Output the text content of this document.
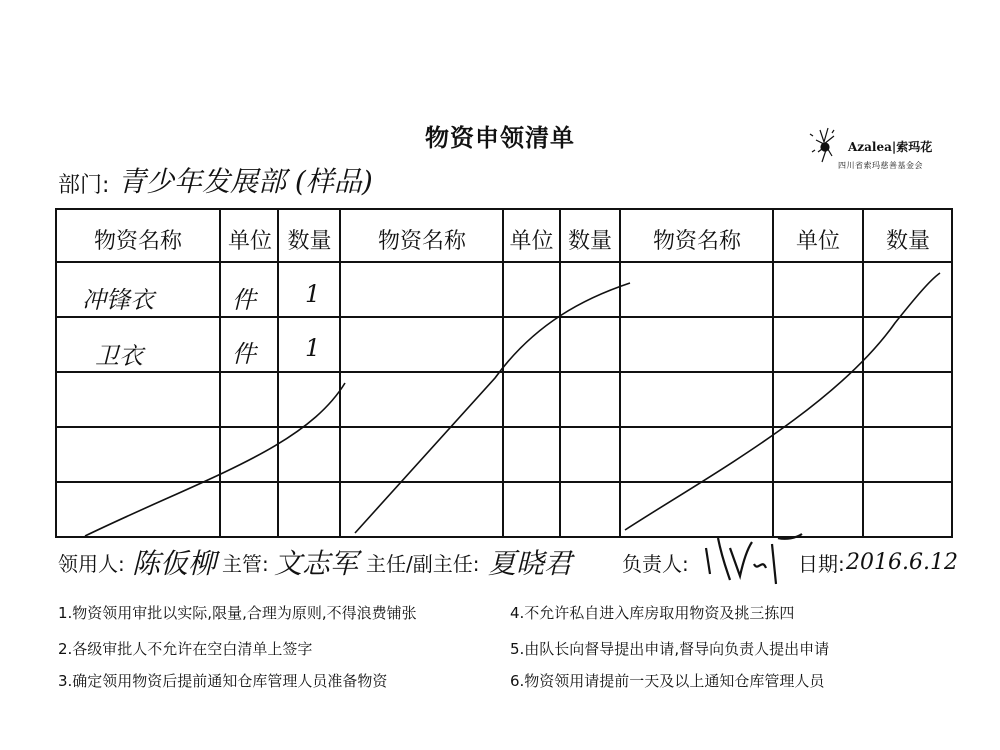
物资申领清单	Azalea|索玛花
四川省索玛慈善基金会
部门: 青少年发展部 (样品)
物资名称	单位 数量	物资名称	单位 数量	物资名称	单位	数量
冲锋衣	件 1
卫衣	件 1
领用人: 陈仮柳 主管: 文志军 主任/副主任: 夏晓君 负责人:	日期: 2016.6.12
1.物资领用审批以实际,限量,合理为原则,不得浪费铺张
2.各级审批人不允许在空白清单上签字
3.确定领用物资后提前通知仓库管理人员准备物资
4.不允许私自进入库房取用物资及挑三拣四
5.由队长向督导提出申请,督导向负责人提出申请
6.物资领用请提前一天及以上通知仓库管理人员
